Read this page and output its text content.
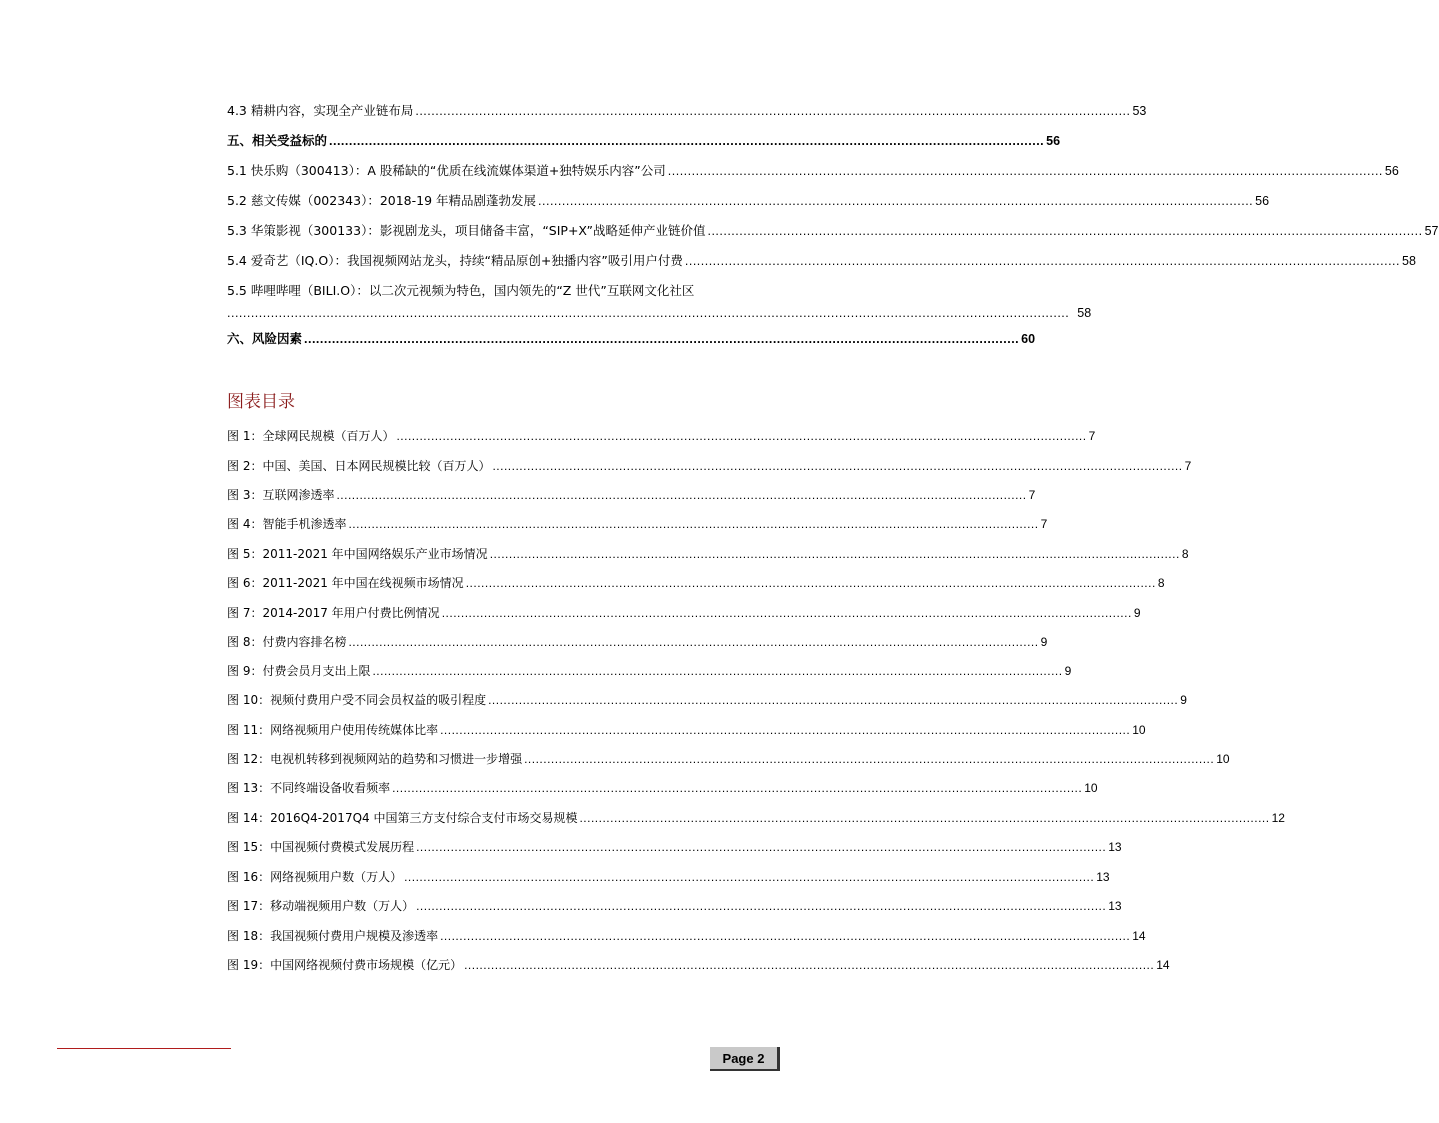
4.3 精耕内容，实现全产业链布局 .................................................................................................................................................................................... 53
五、相关受益标的 .................................................................................................................................................................................... 56
5.1 快乐购（300413）：A 股稀缺的“优质在线流媒体渠道+独特娱乐内容”公司 .................................................................................................................................................................................... 56
5.2 慈文传媒（002343）：2018-19 年精品剧蓬勃发展 .................................................................................................................................................................................... 56
5.3 华策影视（300133）：影视剧龙头，项目储备丰富，“SIP+X”战略延伸产业链价值 .................................................................................................................................................................................... 57
5.4 爱奇艺（IQ.O）：我国视频网站龙头，持续“精品原创+独播内容”吸引用户付费 .................................................................................................................................................................................... 58
5.5 哔哩哔哩（BILI.O）：以二次元视频为特色，国内领先的“Z 世代”互联网文化社区
.................................................................................................................................................................................................................... 58
六、风险因素 .................................................................................................................................................................................... 60
图表目录
图 1：全球网民规模（百万人） .................................................................................................................................................................................... 7
图 2：中国、美国、日本网民规模比较（百万人） .................................................................................................................................................................................... 7
图 3：互联网渗透率 .................................................................................................................................................................................... 7
图 4：智能手机渗透率 .................................................................................................................................................................................... 7
图 5：2011-2021 年中国网络娱乐产业市场情况 .................................................................................................................................................................................... 8
图 6：2011-2021 年中国在线视频市场情况 .................................................................................................................................................................................... 8
图 7：2014-2017 年用户付费比例情况 .................................................................................................................................................................................... 9
图 8：付费内容排名榜 .................................................................................................................................................................................... 9
图 9：付费会员月支出上限 .................................................................................................................................................................................... 9
图 10：视频付费用户受不同会员权益的吸引程度 .................................................................................................................................................................................... 9
图 11：网络视频用户使用传统媒体比率 .................................................................................................................................................................................... 10
图 12：电视机转移到视频网站的趋势和习惯进一步增强 .................................................................................................................................................................................... 10
图 13：不同终端设备收看频率 .................................................................................................................................................................................... 10
图 14：2016Q4-2017Q4 中国第三方支付综合支付市场交易规模 .................................................................................................................................................................................... 12
图 15：中国视频付费模式发展历程 .................................................................................................................................................................................... 13
图 16：网络视频用户数（万人） .................................................................................................................................................................................... 13
图 17：移动端视频用户数（万人） .................................................................................................................................................................................... 13
图 18：我国视频付费用户规模及渗透率 .................................................................................................................................................................................... 14
图 19：中国网络视频付费市场规模（亿元） .................................................................................................................................................................................... 14
Page 2
